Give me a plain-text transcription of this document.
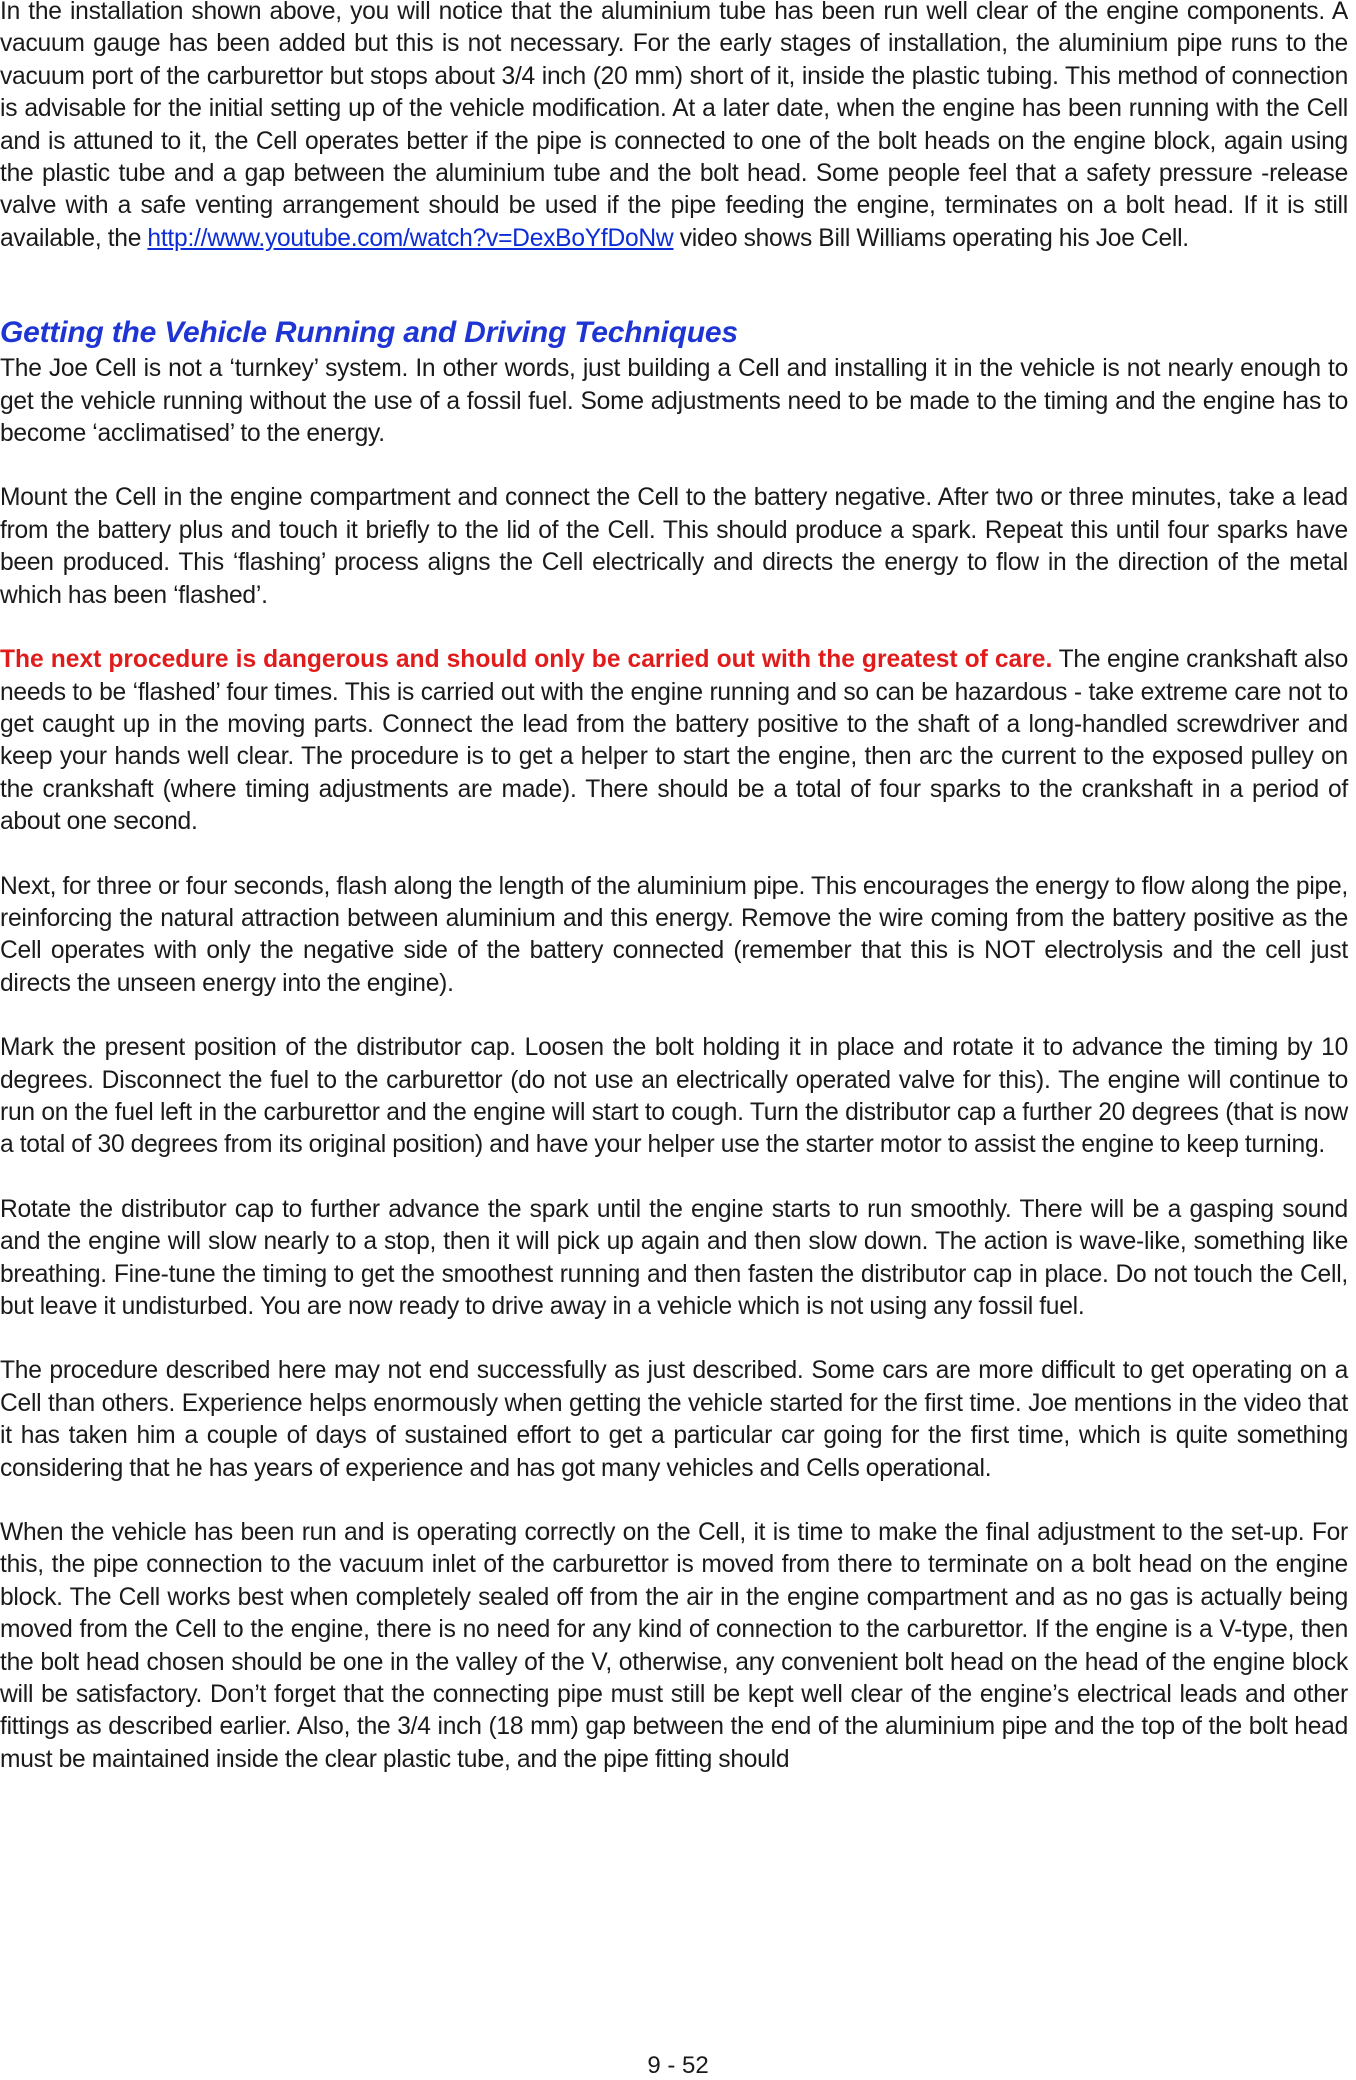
In the installation shown above, you will notice that the aluminium tube has been run well clear of the engine components. A vacuum gauge has been added but this is not necessary. For the early stages of installation, the aluminium pipe runs to the vacuum port of the carburettor but stops about 3/4 inch (20 mm) short of it, inside the plastic tubing. This method of connection is advisable for the initial setting up of the vehicle modification. At a later date, when the engine has been running with the Cell and is attuned to it, the Cell operates better if the pipe is connected to one of the bolt heads on the engine block, again using the plastic tube and a gap between the aluminium tube and the bolt head. Some people feel that a safety pressure -release valve with a safe venting arrangement should be used if the pipe feeding the engine, terminates on a bolt head. If it is still available, the http://www.youtube.com/watch?v=DexBoYfDoNw video shows Bill Williams operating his Joe Cell.

Getting the Vehicle Running and Driving Techniques

The Joe Cell is not a ‘turnkey’ system. In other words, just building a Cell and installing it in the vehicle is not nearly enough to get the vehicle running without the use of a fossil fuel. Some adjustments need to be made to the timing and the engine has to become ‘acclimatised’ to the energy.

Mount the Cell in the engine compartment and connect the Cell to the battery negative. After two or three minutes, take a lead from the battery plus and touch it briefly to the lid of the Cell. This should produce a spark. Repeat this until four sparks have been produced. This ‘flashing’ process aligns the Cell electrically and directs the energy to flow in the direction of the metal which has been ‘flashed’.

The next procedure is dangerous and should only be carried out with the greatest of care. The engine crankshaft also needs to be ‘flashed’ four times. This is carried out with the engine running and so can be hazardous - take extreme care not to get caught up in the moving parts. Connect the lead from the battery positive to the shaft of a long-handled screwdriver and keep your hands well clear. The procedure is to get a helper to start the engine, then arc the current to the exposed pulley on the crankshaft (where timing adjustments are made). There should be a total of four sparks to the crankshaft in a period of about one second.

Next, for three or four seconds, flash along the length of the aluminium pipe. This encourages the energy to flow along the pipe, reinforcing the natural attraction between aluminium and this energy. Remove the wire coming from the battery positive as the Cell operates with only the negative side of the battery connected (remember that this is NOT electrolysis and the cell just directs the unseen energy into the engine).

Mark the present position of the distributor cap. Loosen the bolt holding it in place and rotate it to advance the timing by 10 degrees. Disconnect the fuel to the carburettor (do not use an electrically operated valve for this). The engine will continue to run on the fuel left in the carburettor and the engine will start to cough. Turn the distributor cap a further 20 degrees (that is now a total of 30 degrees from its original position) and have your helper use the starter motor to assist the engine to keep turning.

Rotate the distributor cap to further advance the spark until the engine starts to run smoothly. There will be a gasping sound and the engine will slow nearly to a stop, then it will pick up again and then slow down. The action is wave-like, something like breathing. Fine-tune the timing to get the smoothest running and then fasten the distributor cap in place. Do not touch the Cell, but leave it undisturbed. You are now ready to drive away in a vehicle which is not using any fossil fuel.

The procedure described here may not end successfully as just described. Some cars are more difficult to get operating on a Cell than others. Experience helps enormously when getting the vehicle started for the first time. Joe mentions in the video that it has taken him a couple of days of sustained effort to get a particular car going for the first time, which is quite something considering that he has years of experience and has got many vehicles and Cells operational.

When the vehicle has been run and is operating correctly on the Cell, it is time to make the final adjustment to the set-up. For this, the pipe connection to the vacuum inlet of the carburettor is moved from there to terminate on a bolt head on the engine block. The Cell works best when completely sealed off from the air in the engine compartment and as no gas is actually being moved from the Cell to the engine, there is no need for any kind of connection to the carburettor. If the engine is a V-type, then the bolt head chosen should be one in the valley of the V, otherwise, any convenient bolt head on the head of the engine block will be satisfactory. Don’t forget that the connecting pipe must still be kept well clear of the engine’s electrical leads and other fittings as described earlier. Also, the 3/4 inch (18 mm) gap between the end of the aluminium pipe and the top of the bolt head must be maintained inside the clear plastic tube, and the pipe fitting should

9 - 52
